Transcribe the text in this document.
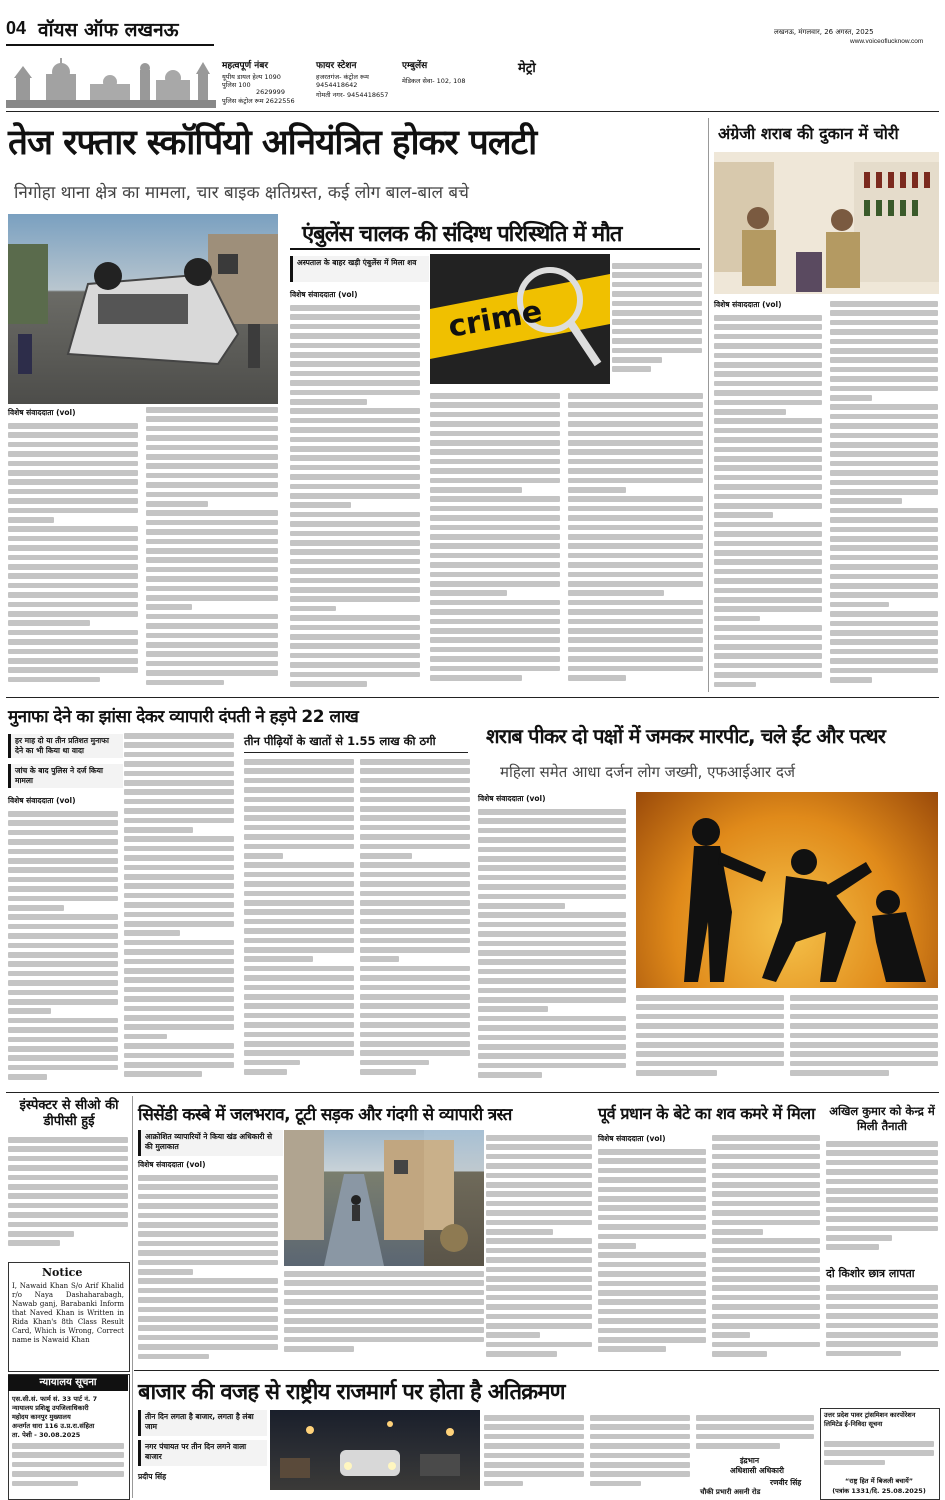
04 वॉयस ऑफ लखनऊ
महत्वपूर्ण नंबर
यूपीय डायल हेल्प 1090
पुलिस 100
2629999
पुलिस कंट्रोल रूम 2622556
फायर स्टेशन
हजरतगंज- कंट्रोल रूम
9454418642
गोमती नगर- 9454418657
एम्बुलेंस
मेडिकल सेवा- 102, 108
मेट्रो
लखनऊ, मंगलवार, 26 अगस्त, 2025
www.voiceoflucknow.com
तेज रफ्तार स्कॉर्पियो अनियंत्रित होकर पलटी
निगोहा थाना क्षेत्र का मामला, चार बाइक क्षतिग्रस्त, कई लोग बाल-बाल बचे
विशेष संवाददाता (vol)
एंबुलेंस चालक की संदिग्ध परिस्थिति में मौत
अस्पताल के बाहर खड़ी एंबुलेंस में मिला शव
विशेष संवाददाता (vol)	crime
अंग्रेजी शराब की दुकान में चोरी
विशेष संवाददाता (vol)
मुनाफा देने का झांसा देकर व्यापारी दंपती ने हड़पे 22 लाख
हर माह दो या तीन प्रतिशत मुनाफा देने का भी किया था वादा
जांच के बाद पुलिस ने दर्ज किया मामला
विशेष संवाददाता (vol)
तीन पीढ़ियों के खातों से 1.55 लाख की ठगी	शराब पीकर दो पक्षों में जमकर मारपीट, चले ईंट और पत्थर
महिला समेत आधा दर्जन लोग जख्मी, एफआईआर दर्ज
विशेष संवाददाता (vol)
इंस्पेक्टर से सीओ की डीपीसी हुई
Notice
I, Nawaid Khan S/o Arif Khalid r/o Naya Dashaharabagh, Nawab ganj, Barabanki Inform that Naved Khan is Written in Rida Khan's 8th Class Result Card, Which is Wrong, Correct name is Nawaid Khan
न्यायालय सूचना
एस.सी.सं. फार्म सं. 33 पार्ट नं. 7
न्यायालय प्रशिक्षु उपजिलाधिकारी
महोदय कानपुर मुख्यालय
अन्तर्गत धारा 116 उ.प्र.रा.संहिता
ता. पेशी - 30.08.2025
सिसेंडी कस्बे में जलभराव, टूटी सड़क और गंदगी से व्यापारी त्रस्त
आक्रोशित व्यापारियों ने किया खंड अधिकारी से की मुलाकात
विशेष संवाददाता (vol)
पूर्व प्रधान के बेटे का शव कमरे में मिला
विशेष संवाददाता (vol)
अखिल कुमार को केन्द्र में मिली तैनाती
दो किशोर छात्र लापता
बाजार की वजह से राष्ट्रीय राजमार्ग पर होता है अतिक्रमण
तीन दिन लगता है बाजार, लगता है लंबा जाम
नगर पंचायत पर तीन दिन लगने वाला बाजार
प्रदीप सिंह
इंद्रभान
अधिशासी अधिकारी
रणवीर सिंह
चौकी प्रभारी असनी रोड
उत्तर प्रदेश पावर ट्रांसमिशन कारपोरेशन लिमिटेड ई-निविदा सूचना
“राष्ट्र हित में बिजली बचायें”
(पत्रांक 1331/दि. 25.08.2025)
